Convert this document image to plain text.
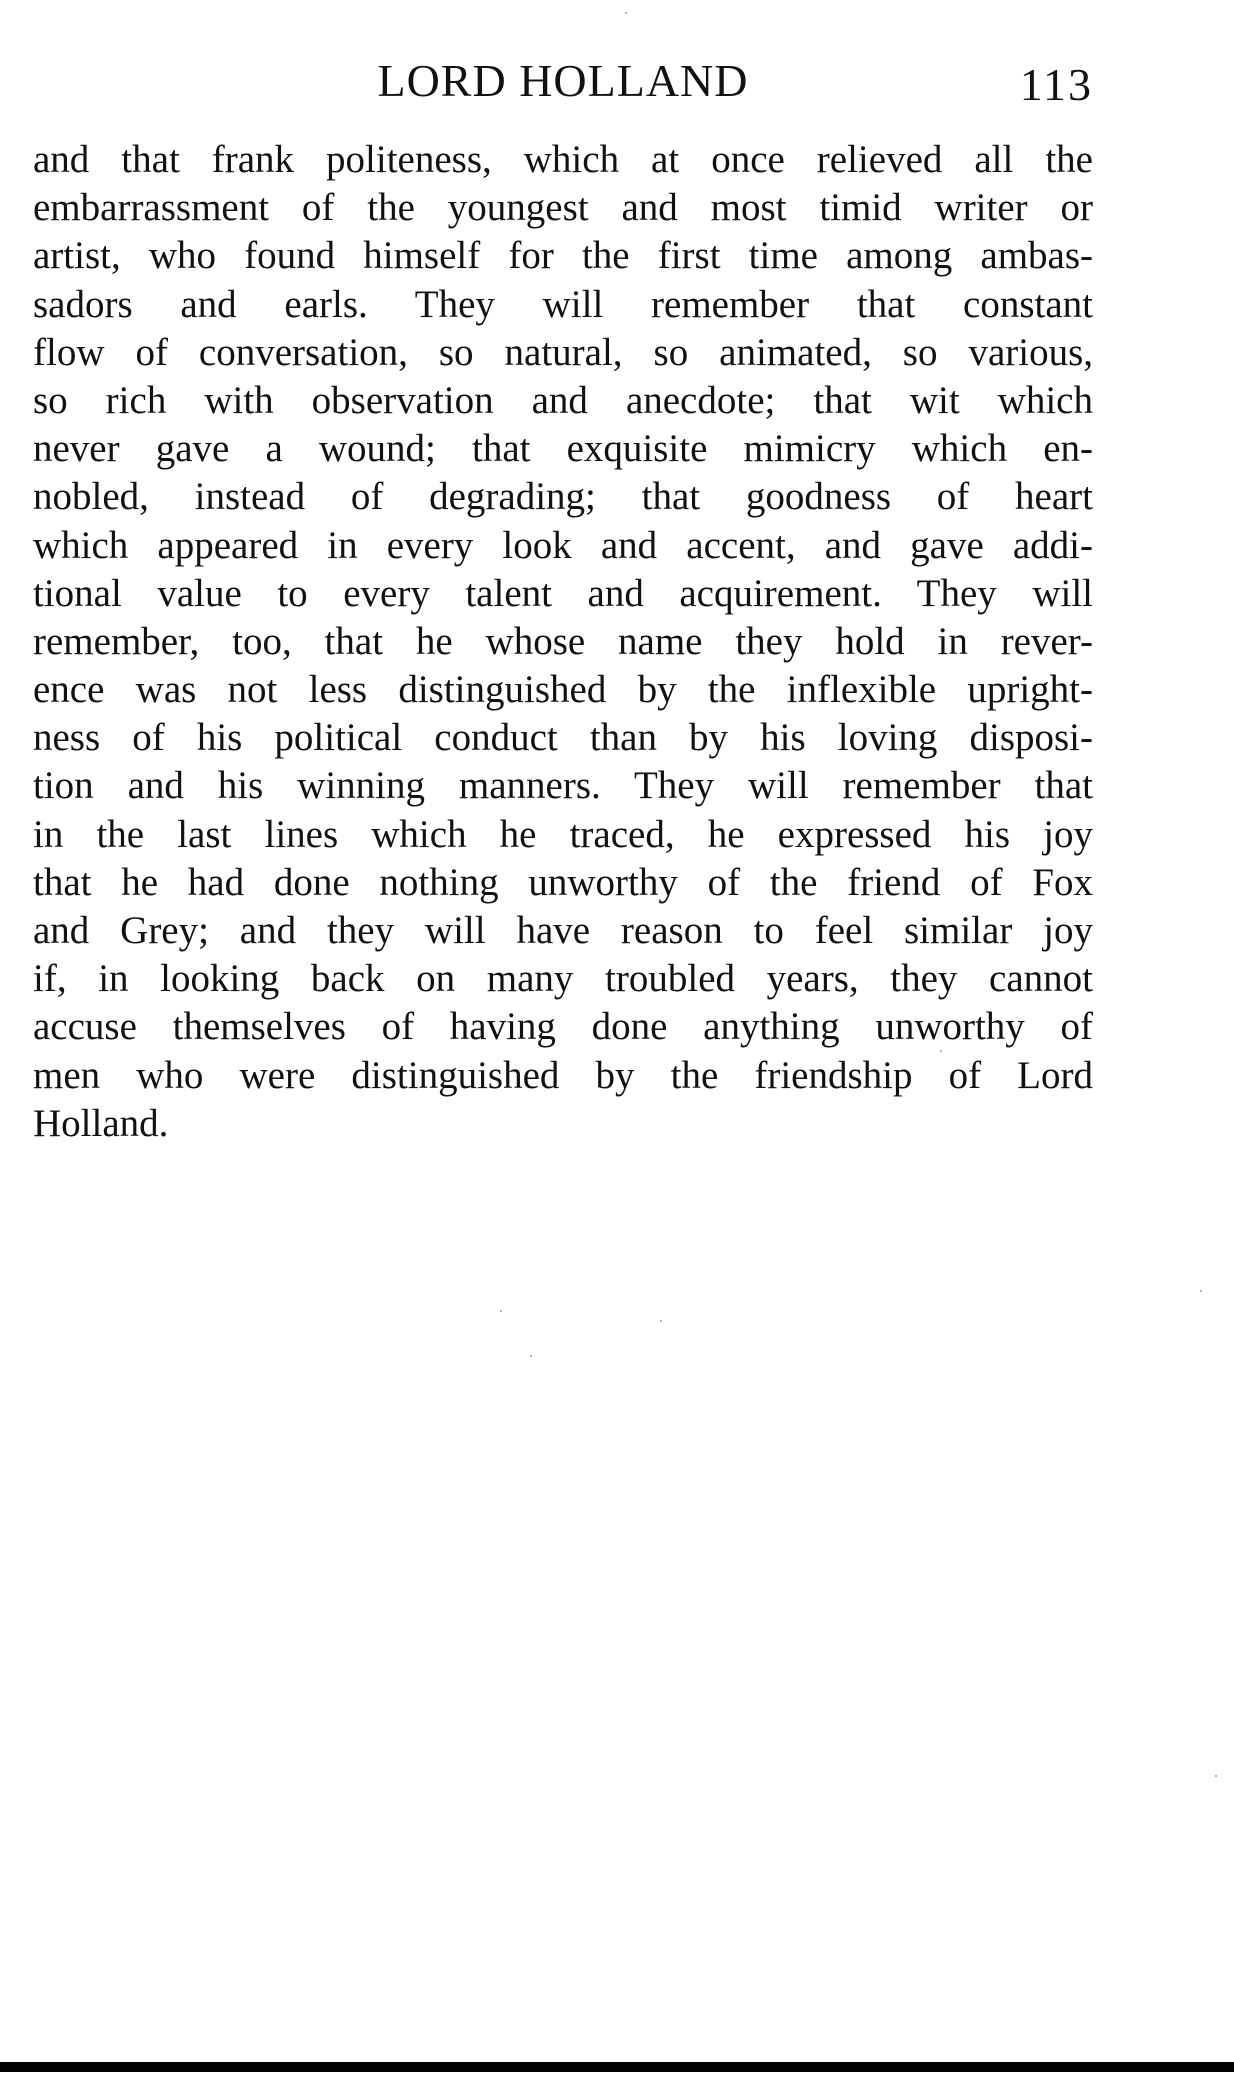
LORD HOLLAND	113
and that frank politeness, which at once relieved all the
embarrassment of the youngest and most timid writer or
artist, who found himself for the first time among ambas-
sadors and earls. They will remember that constant
flow of conversation, so natural, so animated, so various,
so rich with observation and anecdote; that wit which
never gave a wound; that exquisite mimicry which en-
nobled, instead of degrading; that goodness of heart
which appeared in every look and accent, and gave addi-
tional value to every talent and acquirement. They will
remember, too, that he whose name they hold in rever-
ence was not less distinguished by the inflexible upright-
ness of his political conduct than by his loving disposi-
tion and his winning manners. They will remember that
in the last lines which he traced, he expressed his joy
that he had done nothing unworthy of the friend of Fox
and Grey; and they will have reason to feel similar joy
if, in looking back on many troubled years, they cannot
accuse themselves of having done anything unworthy of
men who were distinguished by the friendship of Lord
Holland.
